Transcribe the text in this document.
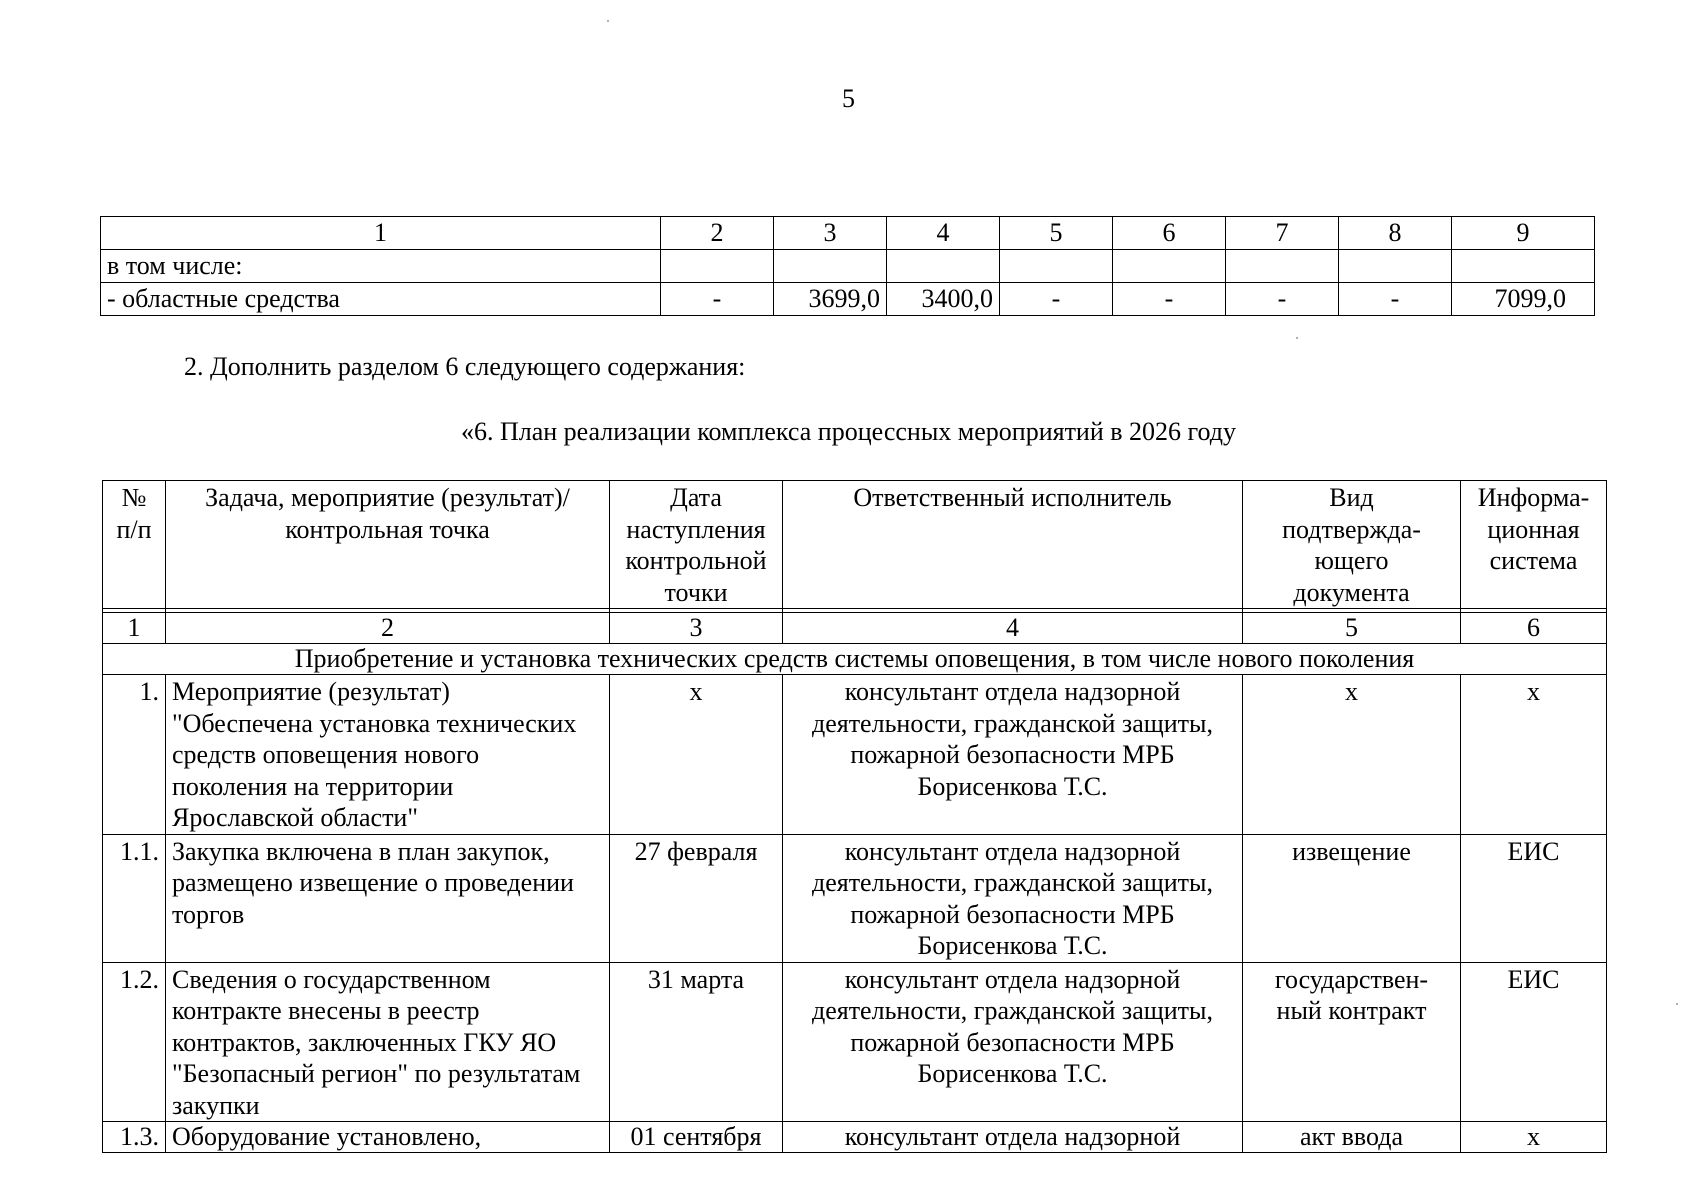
5
1	2	3	4	5	6	7	8	9
в том числе:								
- областные средства	-	3699,0	3400,0	-	-	-	-	7099,0
2. Дополнить разделом 6 следующего содержания:
«6. План реализации комплекса процессных мероприятий в 2026 году
№ п/п	Задача, мероприятие (результат)/контрольная точка	Дата наступления контрольной точки	Ответственный исполнитель	Вид подтвержда-ющего документа	Информа-ционная система

1	2	3	4	5	6
Приобретение и установка технических средств системы оповещения, в том числе нового поколения					
1.	Мероприятие (результат) "Обеспечена установка технических средств оповещения нового поколения на территории Ярославской области"	x	консультант отдела надзорной деятельности, гражданской защиты, пожарной безопасности МРБ Борисенкова Т.С.	x	x
1.1.	Закупка включена в план закупок, размещено извещение о проведении торгов	27 февраля	консультант отдела надзорной деятельности, гражданской защиты, пожарной безопасности МРБ Борисенкова Т.С.	извещение	ЕИС
1.2.	Сведения о государственном контракте внесены в реестр контрактов, заключенных ГКУ ЯО "Безопасный регион" по результатам закупки	31 марта	консультант отдела надзорной деятельности, гражданской защиты, пожарной безопасности МРБ Борисенкова Т.С.	государствен-ный контракт	ЕИС
1.3.	Оборудование установлено,	01 сентября	консультант отдела надзорной	акт ввода	x
